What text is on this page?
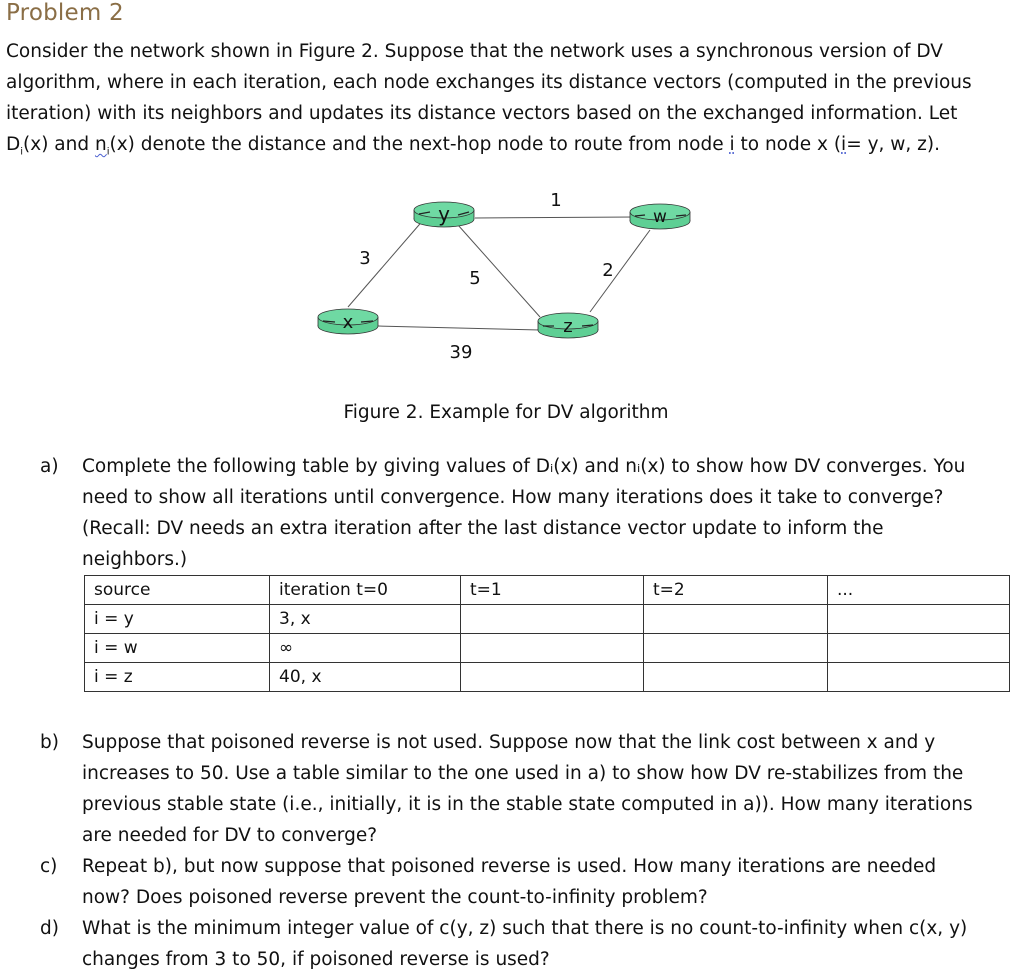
Problem 2
Consider the network shown in Figure 2. Suppose that the network uses a synchronous version of DV
algorithm, where in each iteration, each node exchanges its distance vectors (computed in the previous
iteration) with its neighbors and updates its distance vectors based on the exchanged information. Let
$D_i(x)$ and $n_i(x)$ denote the distance and the next-hop node to route from node i to node x (i= y, w, z).
y	w
x	z
1
3
5	2
39
Figure 2. Example for DV algorithm
a)	Complete the following table by giving values of Dᵢ(x) and nᵢ(x) to show how DV converges. You
need to show all iterations until convergence. How many iterations does it take to converge?
(Recall: DV needs an extra iteration after the last distance vector update to inform the
neighbors.)
source	iteration t=0	t=1	t=2	...
i = y	3, x			
i = w	∞			
i = z	40, x			
b)	Suppose that poisoned reverse is not used. Suppose now that the link cost between x and y
increases to 50. Use a table similar to the one used in a) to show how DV re-stabilizes from the
previous stable state (i.e., initially, it is in the stable state computed in a)). How many iterations
are needed for DV to converge?
c)	Repeat b), but now suppose that poisoned reverse is used. How many iterations are needed
now? Does poisoned reverse prevent the count-to-infinity problem?
d)	What is the minimum integer value of c(y, z) such that there is no count-to-infinity when c(x, y)
changes from 3 to 50, if poisoned reverse is used?
